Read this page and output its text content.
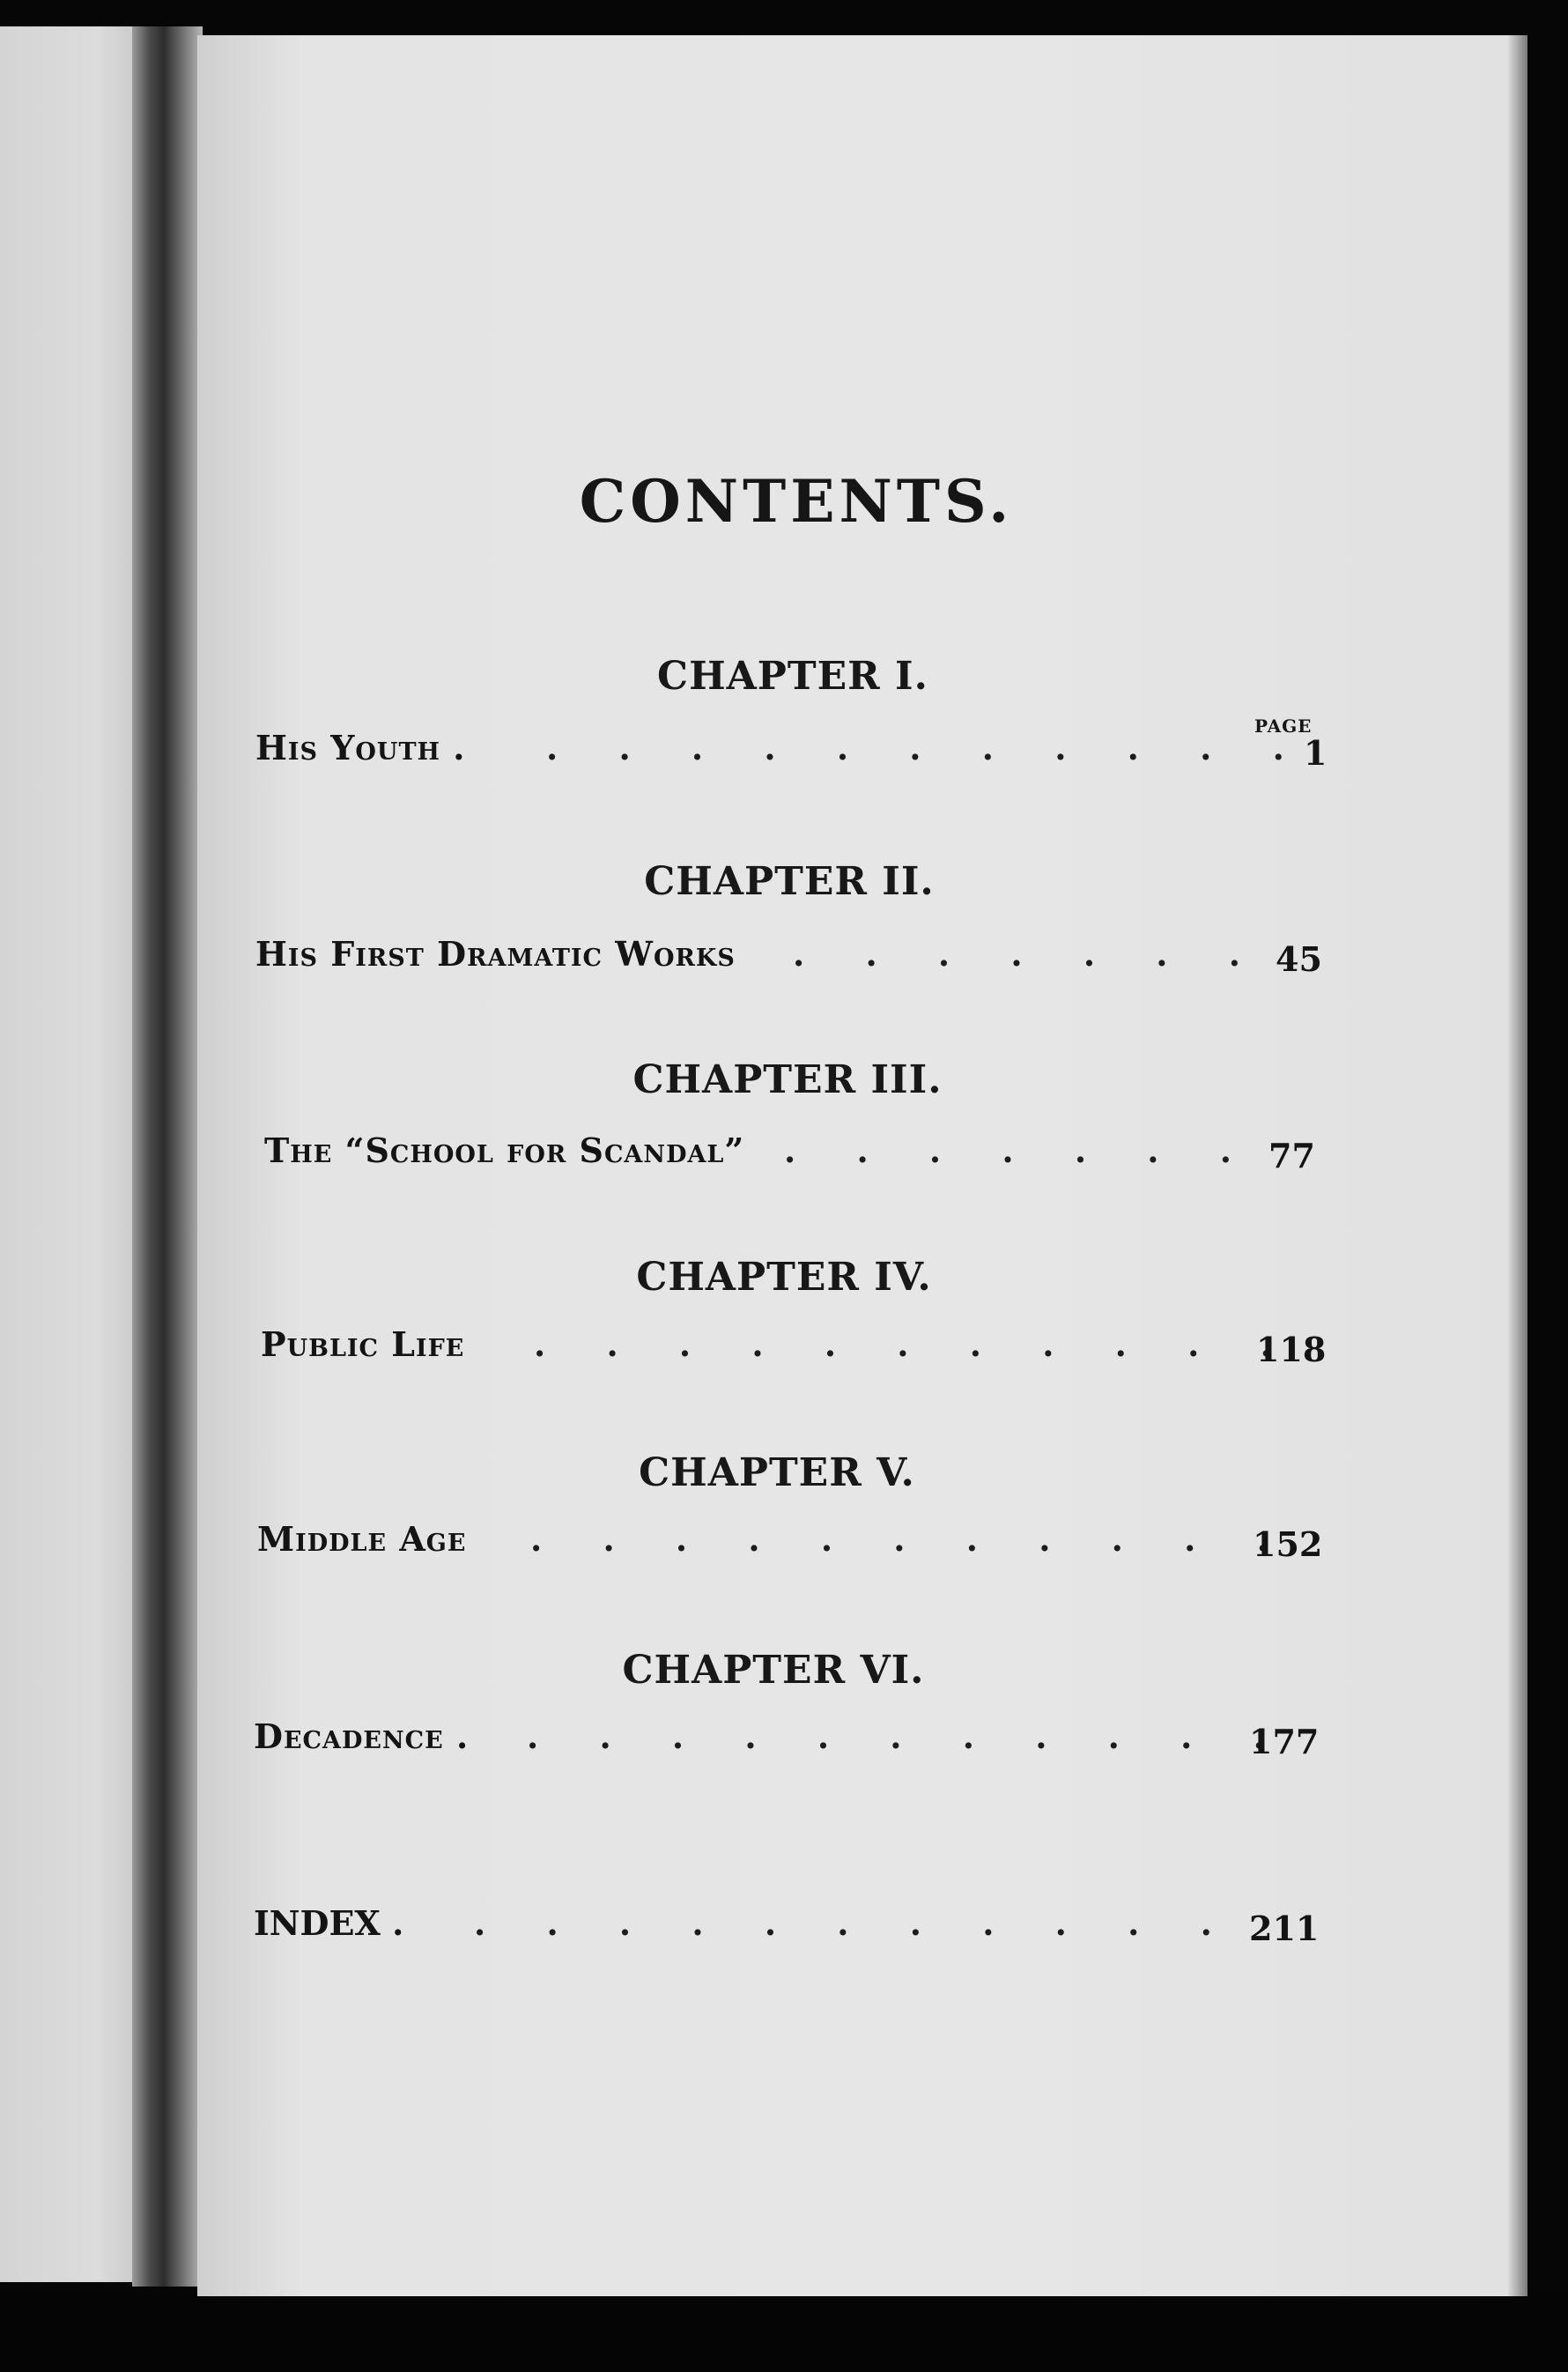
CONTENTS.
CHAPTER I.
PAGE
His Youth . . . . . . . . . . . . 1
CHAPTER II.
His First Dramatic Works . . . . . . . 45
CHAPTER III.
The “School for Scandal” . . . . . . . 77
CHAPTER IV.
Public Life . . . . . . . . . . .
118
CHAPTER V.
Middle Age . . . . . . . . . . .
152
CHAPTER VI.
Decadence . . . . . . . . . . . .
177
INDEX . . . . . . . . . . . . 211
